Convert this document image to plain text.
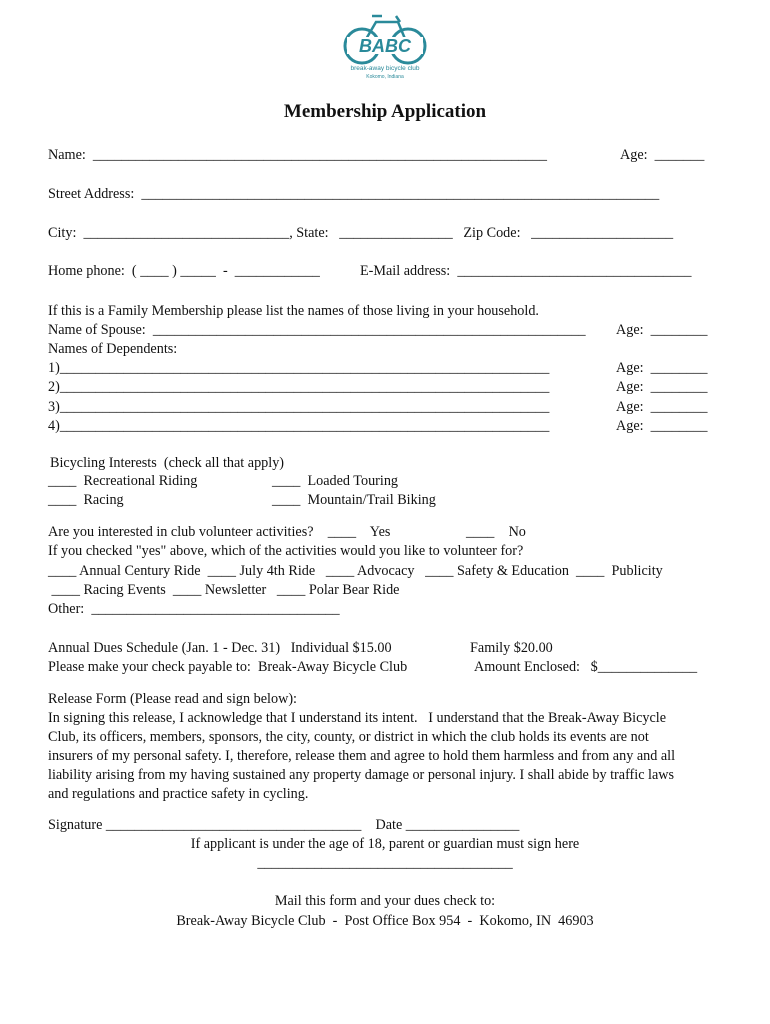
BABC
break-away bicycle club
Kokomo, Indiana
Membership Application
Name:  ________________________________________________________________	Age:  _______
Street Address:  _________________________________________________________________________
City:  _____________________________, State:   ________________   Zip Code:   ____________________
Home phone:  ( ____ ) _____  -  ____________	E-Mail address:  _________________________________
If this is a Family Membership please list the names of those living in your household.
Name of Spouse:  _____________________________________________________________ Age:  ________
Names of Dependents:
1)_____________________________________________________________________	Age:  ________
2)_____________________________________________________________________	Age:  ________
3)_____________________________________________________________________	Age:  ________
4)_____________________________________________________________________	Age:  ________
Bicycling Interests  (check all that apply)
____  Recreational Riding	____  Loaded Touring
____  Racing	____  Mountain/Trail Biking
Are you interested in club volunteer activities?    ____    Yes	____    No
If you checked "yes" above, which of the activities would you like to volunteer for?
____ Annual Century Ride  ____ July 4th Ride   ____ Advocacy   ____ Safety & Education  ____  Publicity
____ Racing Events  ____ Newsletter   ____ Polar Bear Ride
Other:  ___________________________________
Annual Dues Schedule (Jan. 1 - Dec. 31)   Individual $15.00	Family $20.00
Please make your check payable to:  Break-Away Bicycle Club	Amount Enclosed:   $______________
Release Form (Please read and sign below):
In signing this release, I acknowledge that I understand its intent.   I understand that the Break-Away Bicycle
Club, its officers, members, sponsors, the city, county, or district in which the club holds its events are not
insurers of my personal safety. I, therefore, release them and agree to hold them harmless and from any and all
liability arising from my having sustained any property damage or personal injury. I shall abide by traffic laws
and regulations and practice safety in cycling.
Signature ____________________________________    Date ________________
If applicant is under the age of 18, parent or guardian must sign here
____________________________________
Mail this form and your dues check to:
Break-Away Bicycle Club  -  Post Office Box 954  -  Kokomo, IN  46903
